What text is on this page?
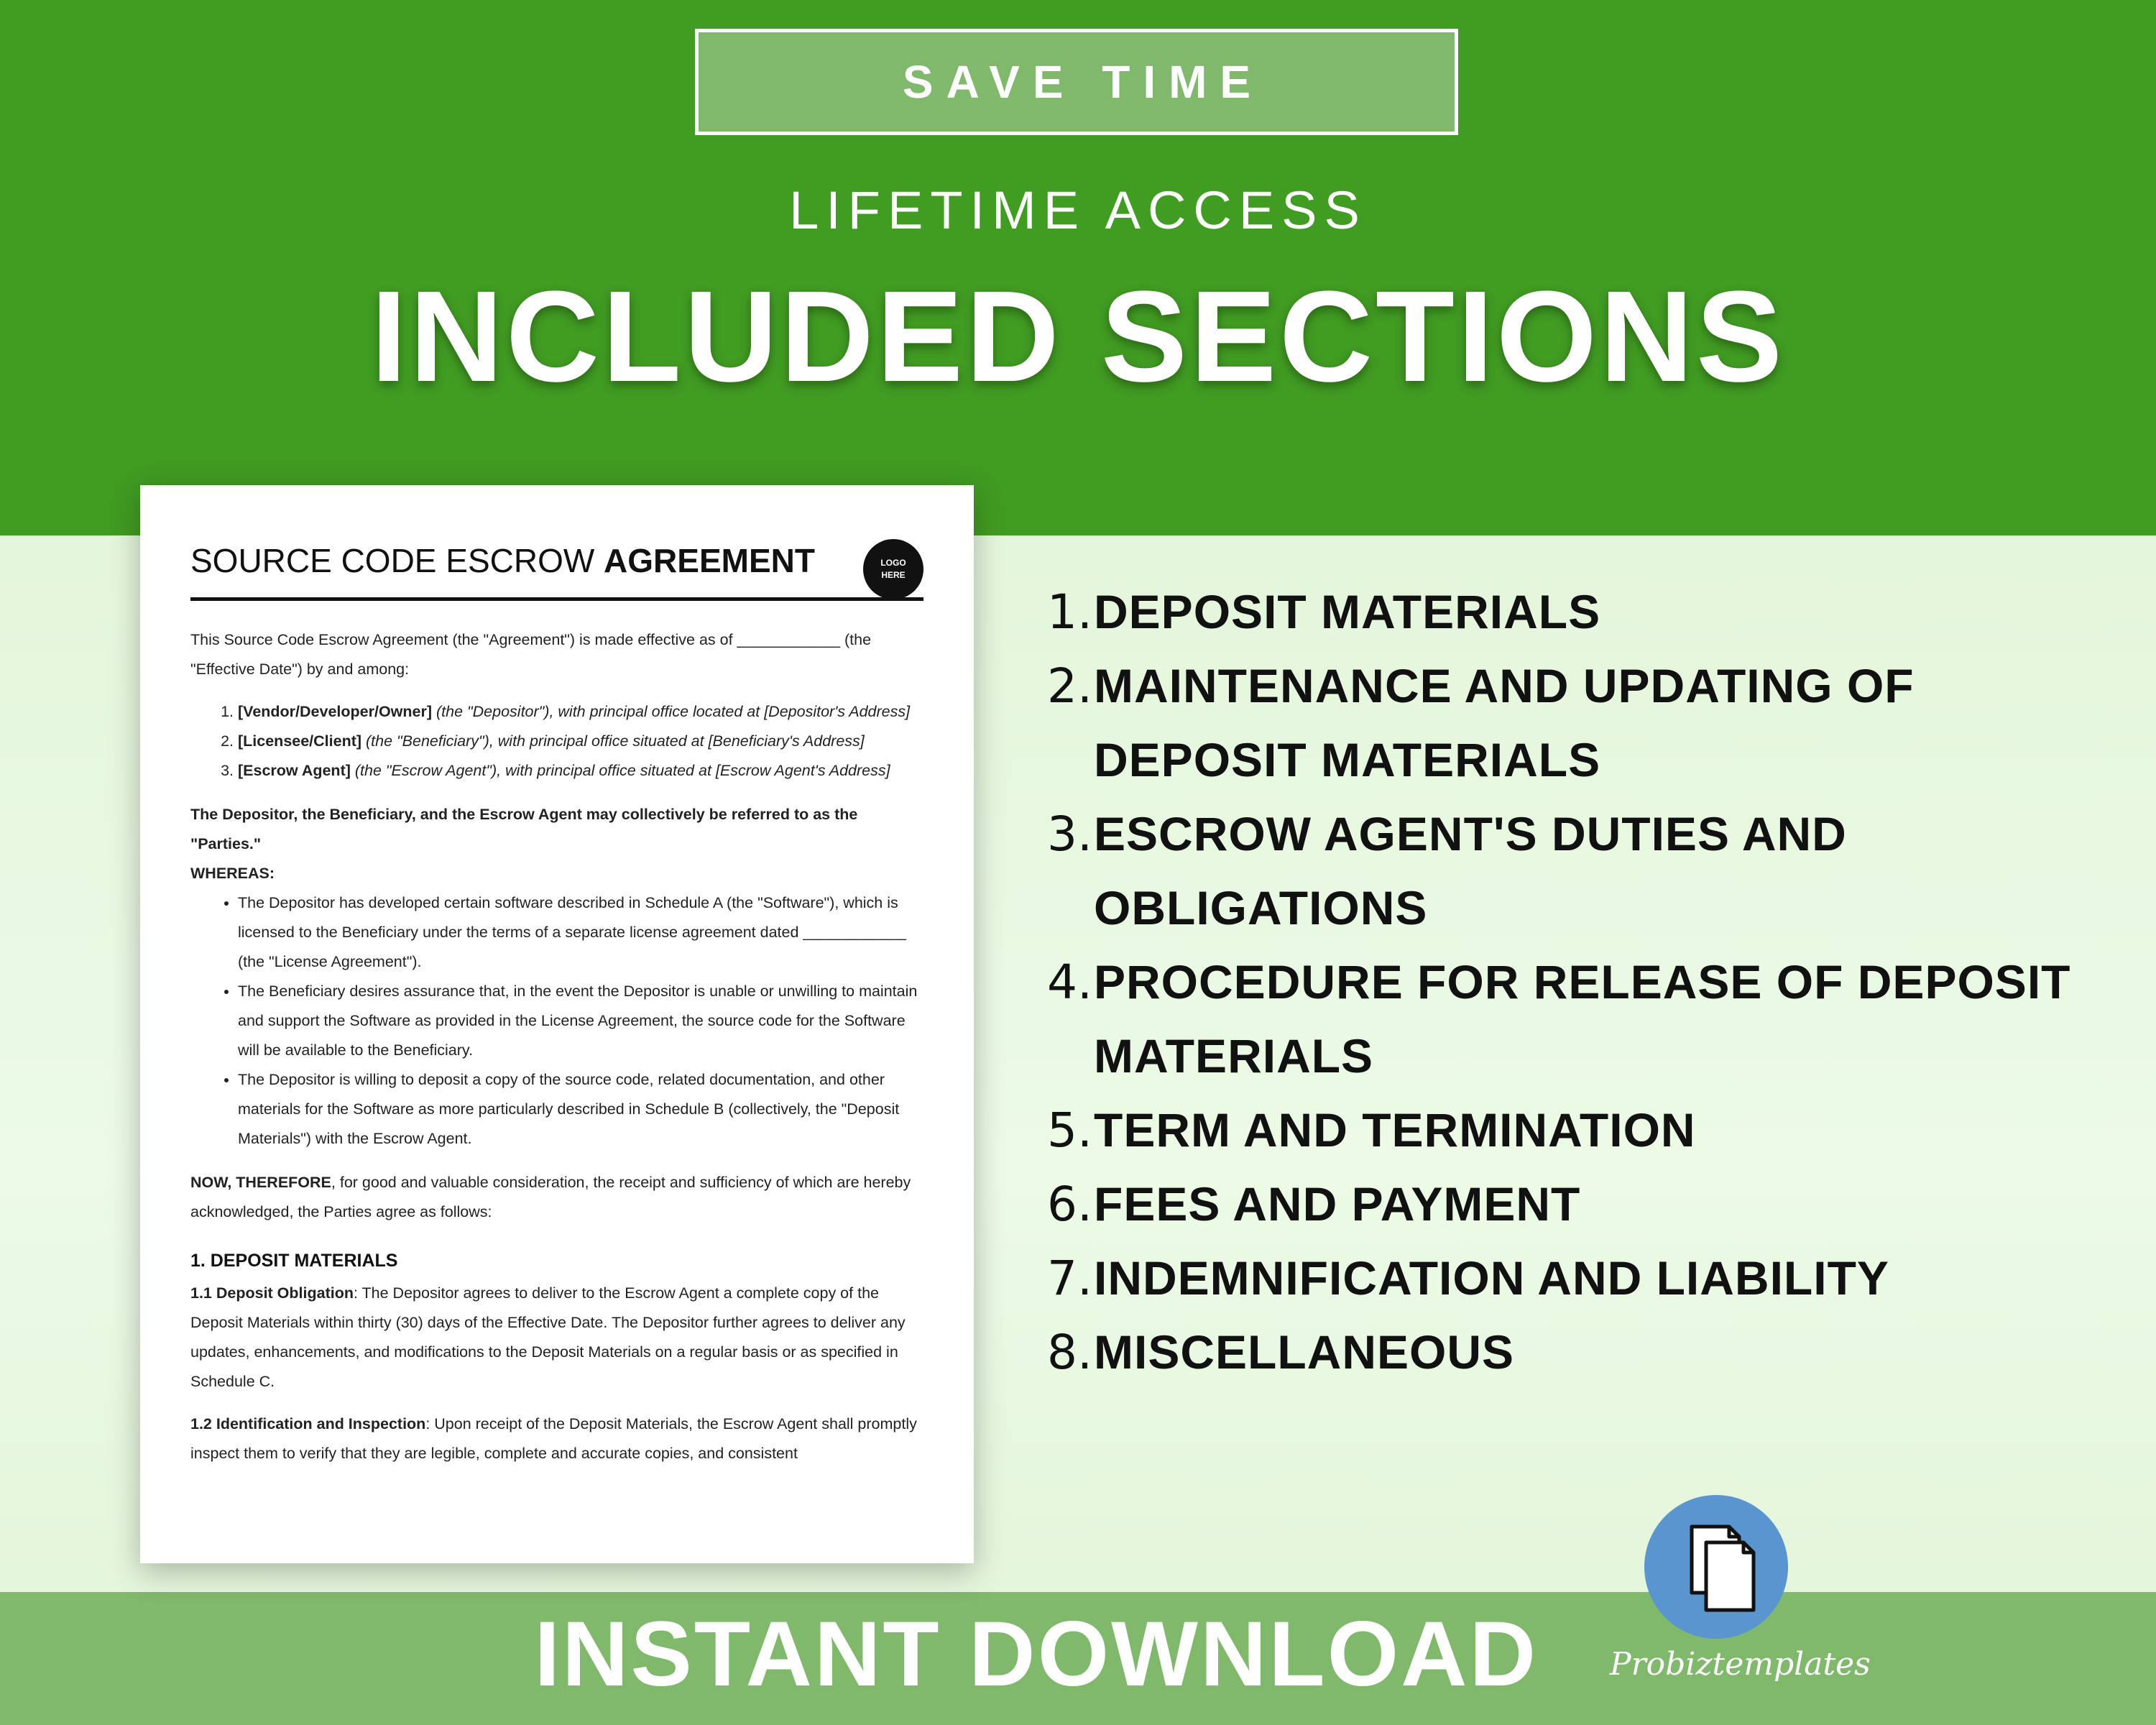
SAVE TIME
LIFETIME ACCESS
INCLUDED SECTIONS
SOURCE CODE ESCROW AGREEMENT	LOGO HERE

This Source Code Escrow Agreement (the "Agreement") is made effective as of ____________ (the "Effective Date") by and among:

1. [Vendor/Developer/Owner] (the "Depositor"), with principal office located at [Depositor's Address]
2. [Licensee/Client] (the "Beneficiary"), with principal office situated at [Beneficiary's Address]
3. [Escrow Agent] (the "Escrow Agent"), with principal office situated at [Escrow Agent's Address]

The Depositor, the Beneficiary, and the Escrow Agent may collectively be referred to as the "Parties."
WHEREAS:

• The Depositor has developed certain software described in Schedule A (the "Software"), which is licensed to the Beneficiary under the terms of a separate license agreement dated ____________ (the "License Agreement").
• The Beneficiary desires assurance that, in the event the Depositor is unable or unwilling to maintain and support the Software as provided in the License Agreement, the source code for the Software will be available to the Beneficiary.
• The Depositor is willing to deposit a copy of the source code, related documentation, and other materials for the Software as more particularly described in Schedule B (collectively, the "Deposit Materials") with the Escrow Agent.

NOW, THEREFORE, for good and valuable consideration, the receipt and sufficiency of which are hereby acknowledged, the Parties agree as follows:

1. DEPOSIT MATERIALS

1.1 Deposit Obligation: The Depositor agrees to deliver to the Escrow Agent a complete copy of the Deposit Materials within thirty (30) days of the Effective Date. The Depositor further agrees to deliver any updates, enhancements, and modifications to the Deposit Materials on a regular basis or as specified in Schedule C.

1.2 Identification and Inspection: Upon receipt of the Deposit Materials, the Escrow Agent shall promptly inspect them to verify that they are legible, complete and accurate copies, and consistent

1. DEPOSIT MATERIALS
2. MAINTENANCE AND UPDATING OF DEPOSIT MATERIALS
3. ESCROW AGENT'S DUTIES AND OBLIGATIONS
4. PROCEDURE FOR RELEASE OF DEPOSIT MATERIALS
5. TERM AND TERMINATION
6. FEES AND PAYMENT
7. INDEMNIFICATION AND LIABILITY
8. MISCELLANEOUS
INSTANT DOWNLOAD Probiztemplates
